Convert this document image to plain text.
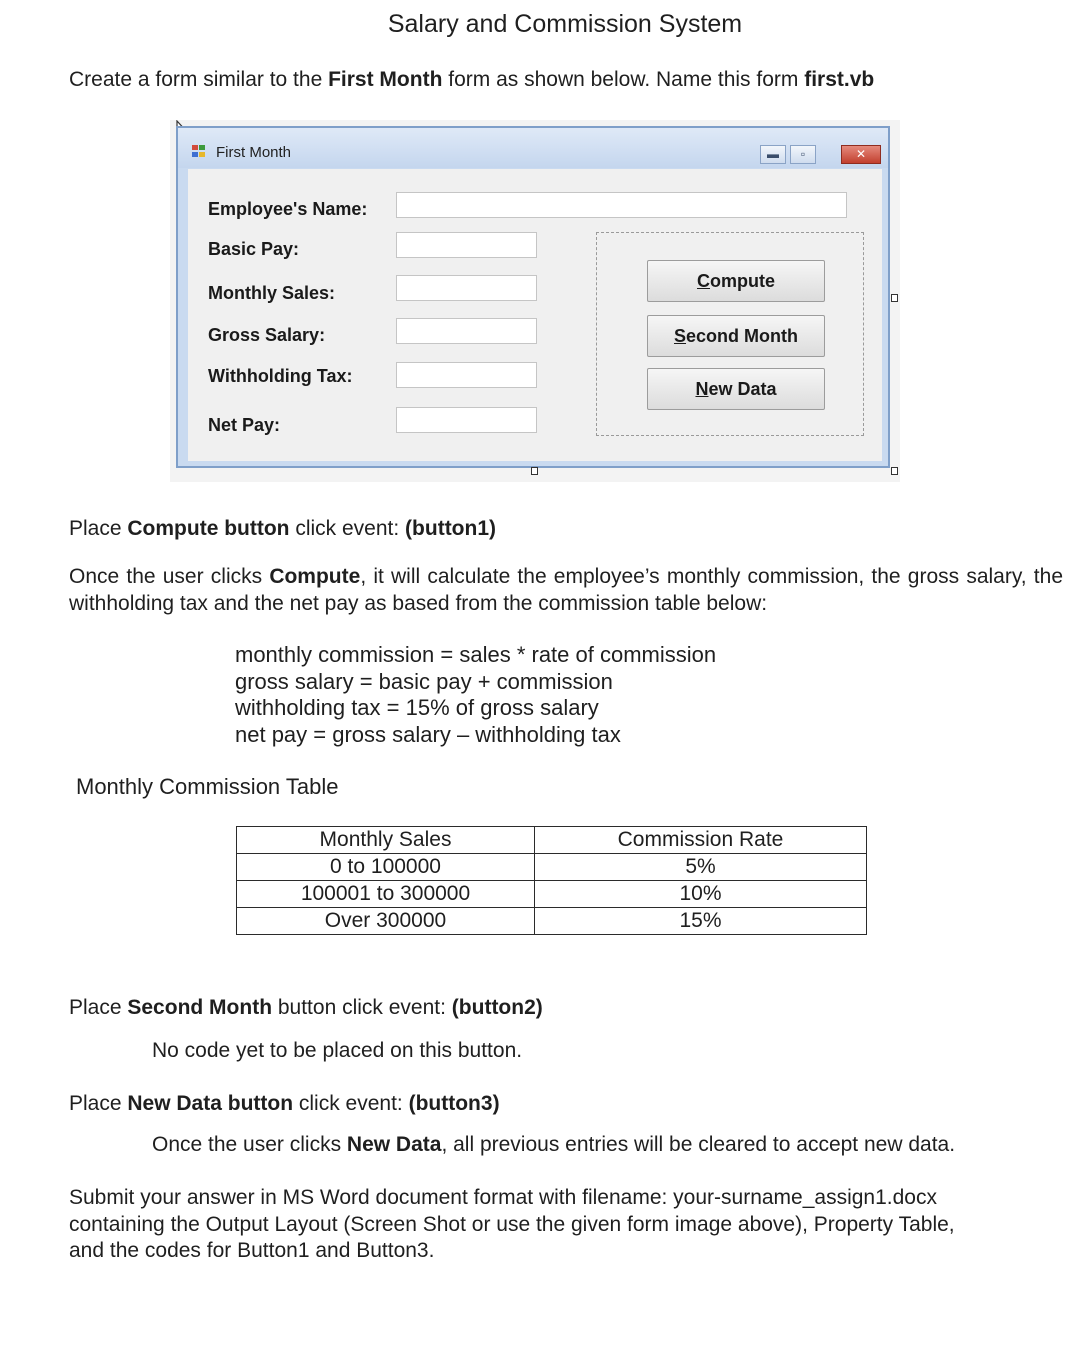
Salary and Commission System
Create a form similar to the First Month form as shown below. Name this form first.vb
First Month	▬	▫	✕
Employee's Name:
Basic Pay:
Monthly Sales:
Gross Salary:
Withholding Tax:
Net Pay:
Compute
Second Month
New Data
Place Compute button click event: (button1)
Once the user clicks Compute, it will calculate the employee’s monthly commission, the gross salary, the withholding tax and the net pay as based from the commission table below:
monthly commission = sales * rate of commission
gross salary = basic pay + commission
withholding tax = 15% of gross salary
net pay = gross salary – withholding tax
Monthly Commission Table
Monthly Sales	Commission Rate
0 to 100000	5%
100001 to 300000	10%
Over 300000	15%
Place Second Month button click event: (button2)
No code yet to be placed on this button.
Place New Data button click event: (button3)
Once the user clicks New Data, all previous entries will be cleared to accept new data.
Submit your answer in MS Word document format with filename: your-surname_assign1.docx
containing the Output Layout (Screen Shot or use the given form image above), Property Table,
and the codes for Button1 and Button3.
